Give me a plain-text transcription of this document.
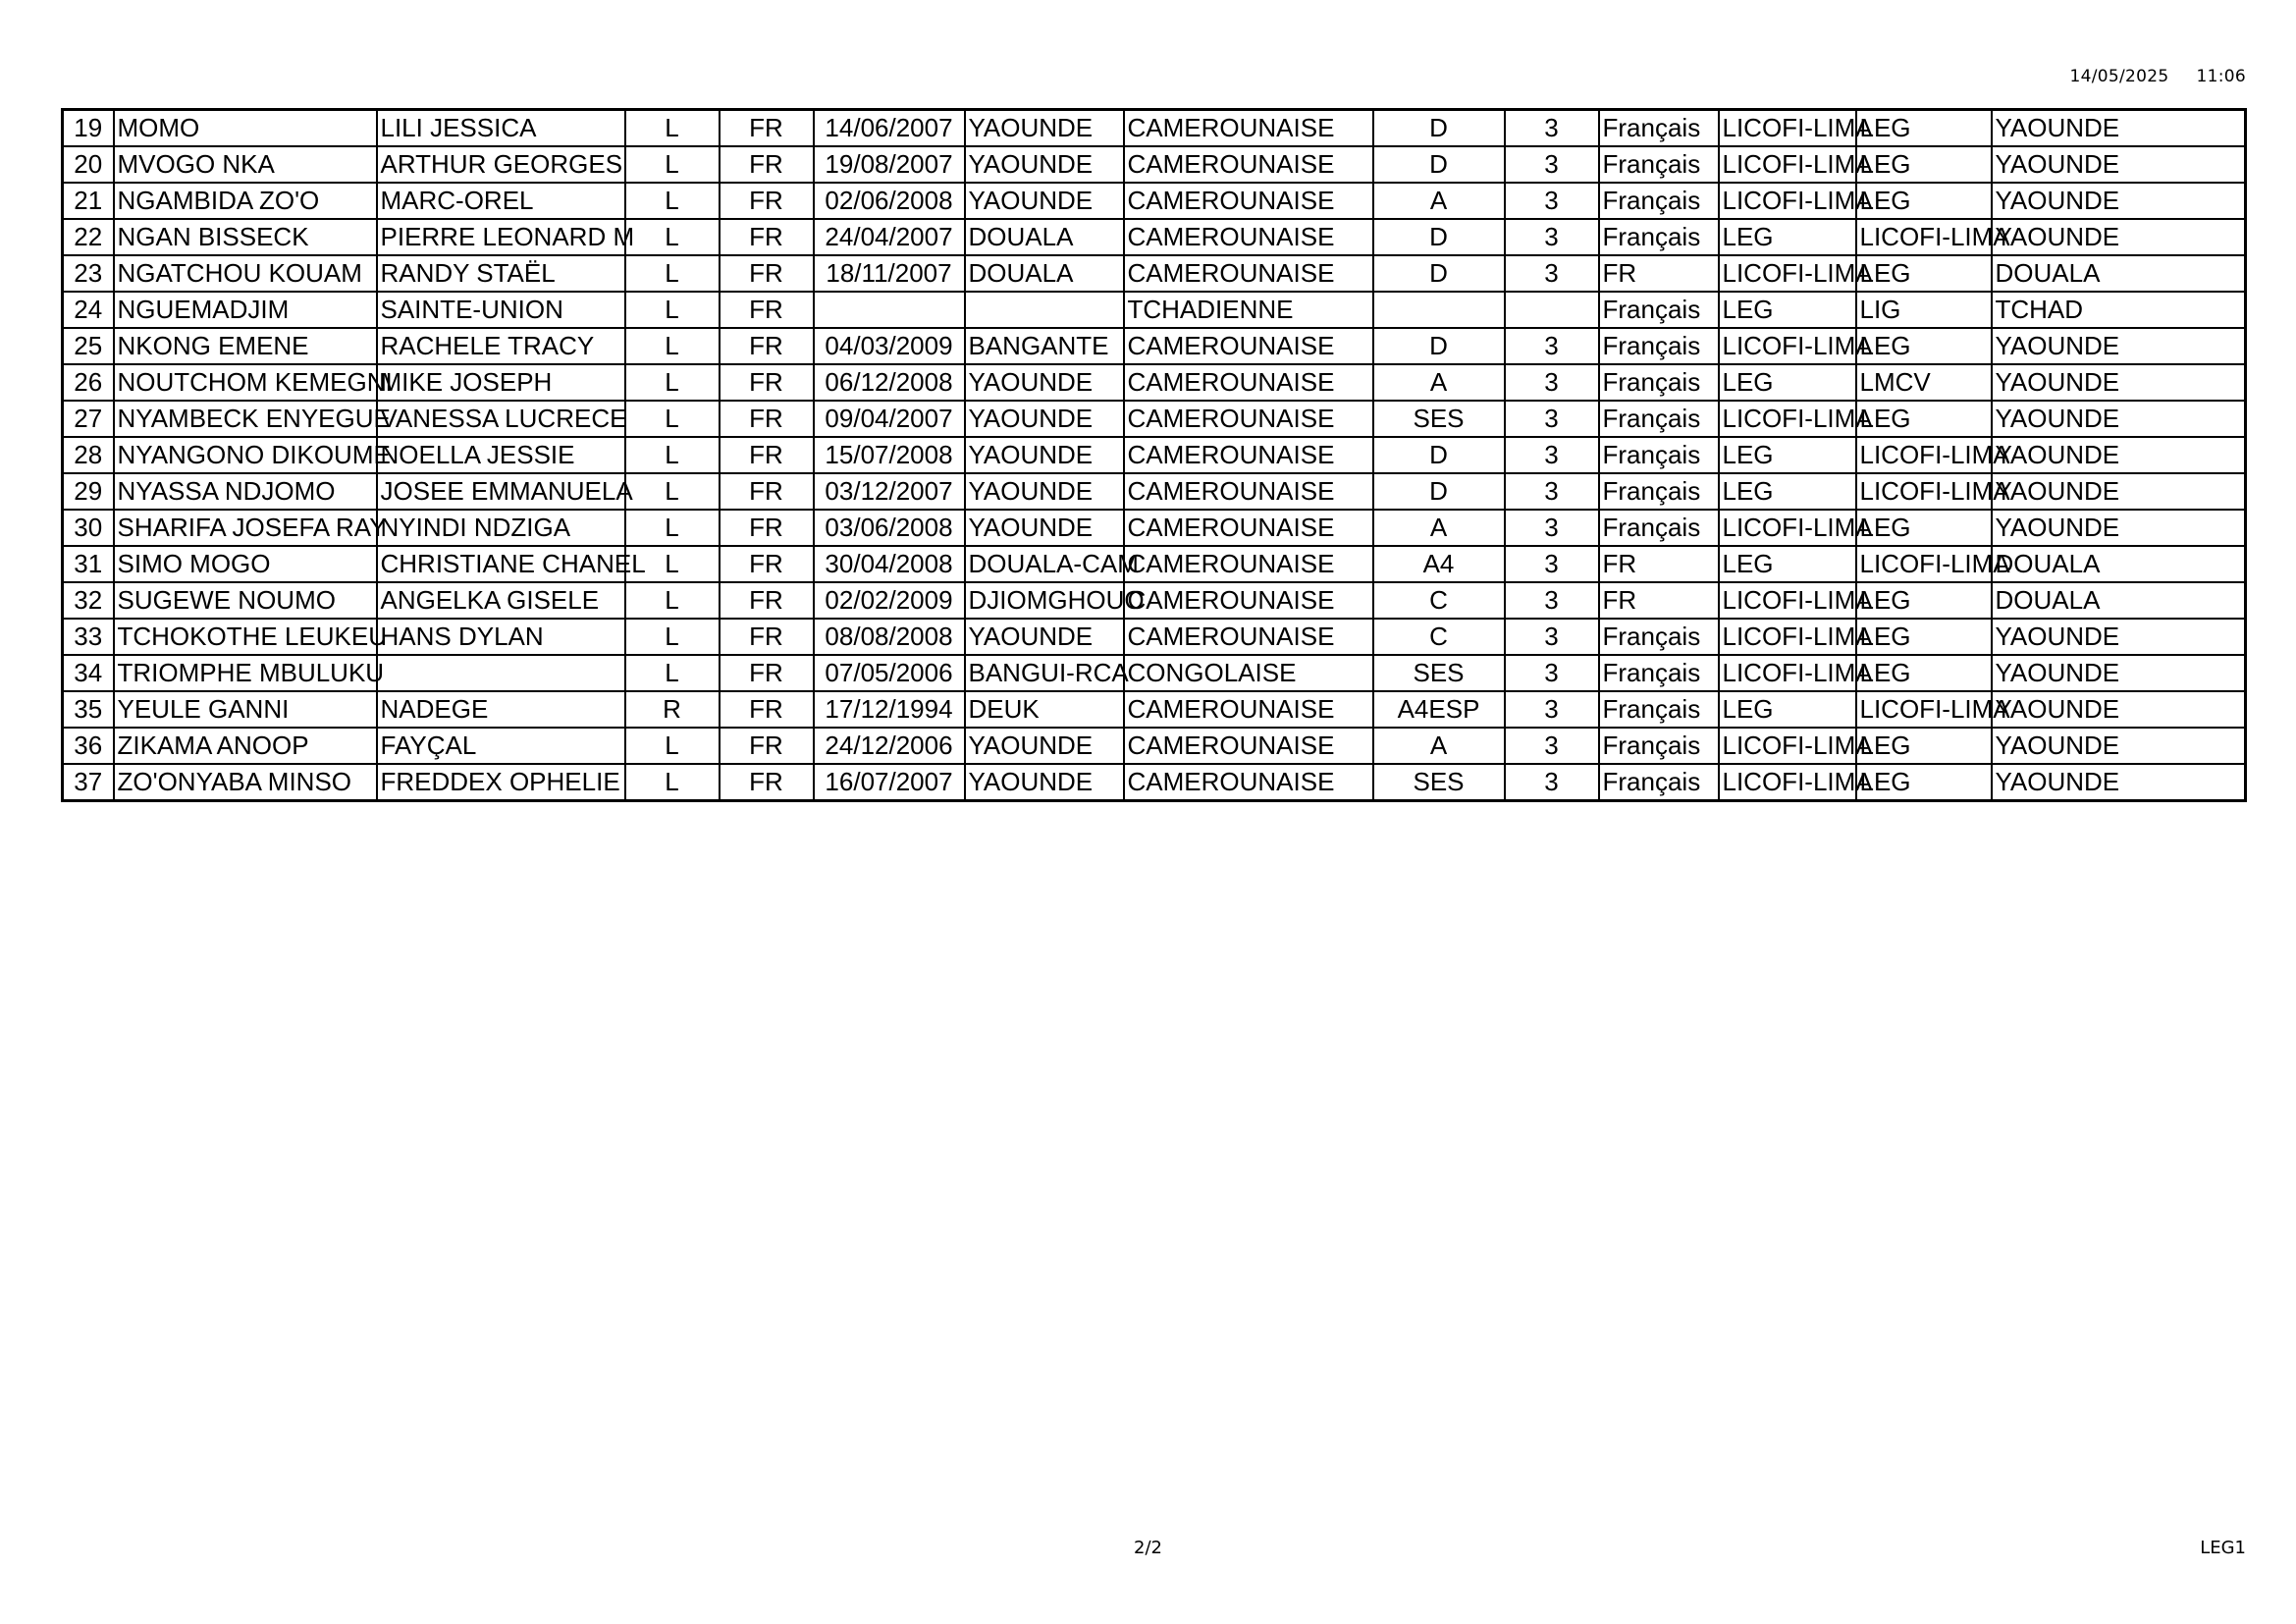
14/05/2025 11:06
19	MOMO	LILI JESSICA	L	FR	14/06/2007	YAOUNDE	CAMEROUNAISE	D	3	Français	LICOFI-LIMA	LEG	YAOUNDE
20	MVOGO NKA	ARTHUR GEORGES	L	FR	19/08/2007	YAOUNDE	CAMEROUNAISE	D	3	Français	LICOFI-LIMA	LEG	YAOUNDE
21	NGAMBIDA ZO'O	MARC-OREL	L	FR	02/06/2008	YAOUNDE	CAMEROUNAISE	A	3	Français	LICOFI-LIMA	LEG	YAOUNDE
22	NGAN BISSECK	PIERRE LEONARD M	L	FR	24/04/2007	DOUALA	CAMEROUNAISE	D	3	Français	LEG	LICOFI-LIMA	YAOUNDE
23	NGATCHOU KOUAM	RANDY STAËL	L	FR	18/11/2007	DOUALA	CAMEROUNAISE	D	3	FR	LICOFI-LIMA	LEG	DOUALA
24	NGUEMADJIM	SAINTE-UNION	L	FR			TCHADIENNE			Français	LEG	LIG	TCHAD
25	NKONG EMENE	RACHELE TRACY	L	FR	04/03/2009	BANGANTE	CAMEROUNAISE	D	3	Français	LICOFI-LIMA	LEG	YAOUNDE
26	NOUTCHOM KEMEGNI	MIKE JOSEPH	L	FR	06/12/2008	YAOUNDE	CAMEROUNAISE	A	3	Français	LEG	LMCV	YAOUNDE
27	NYAMBECK ENYEGUE	VANESSA LUCRECE	L	FR	09/04/2007	YAOUNDE	CAMEROUNAISE	SES	3	Français	LICOFI-LIMA	LEG	YAOUNDE
28	NYANGONO DIKOUME	NOELLA JESSIE	L	FR	15/07/2008	YAOUNDE	CAMEROUNAISE	D	3	Français	LEG	LICOFI-LIMA	YAOUNDE
29	NYASSA NDJOMO	JOSEE EMMANUELA	L	FR	03/12/2007	YAOUNDE	CAMEROUNAISE	D	3	Français	LEG	LICOFI-LIMA	YAOUNDE
30	SHARIFA JOSEFA RAY	NYINDI NDZIGA	L	FR	03/06/2008	YAOUNDE	CAMEROUNAISE	A	3	Français	LICOFI-LIMA	LEG	YAOUNDE
31	SIMO MOGO	CHRISTIANE CHANEL	L	FR	30/04/2008	DOUALA-CAM	CAMEROUNAISE	A4	3	FR	LEG	LICOFI-LIMA	DOUALA
32	SUGEWE NOUMO	ANGELKA GISELE	L	FR	02/02/2009	DJIOMGHOUO	CAMEROUNAISE	C	3	FR	LICOFI-LIMA	LEG	DOUALA
33	TCHOKOTHE LEUKEU	HANS DYLAN	L	FR	08/08/2008	YAOUNDE	CAMEROUNAISE	C	3	Français	LICOFI-LIMA	LEG	YAOUNDE
34	TRIOMPHE MBULUKU		L	FR	07/05/2006	BANGUI-RCA	CONGOLAISE	SES	3	Français	LICOFI-LIMA	LEG	YAOUNDE
35	YEULE GANNI	NADEGE	R	FR	17/12/1994	DEUK	CAMEROUNAISE	A4ESP	3	Français	LEG	LICOFI-LIMA	YAOUNDE
36	ZIKAMA ANOOP	FAYÇAL	L	FR	24/12/2006	YAOUNDE	CAMEROUNAISE	A	3	Français	LICOFI-LIMA	LEG	YAOUNDE
37	ZO'ONYABA MINSO	FREDDEX OPHELIE	L	FR	16/07/2007	YAOUNDE	CAMEROUNAISE	SES	3	Français	LICOFI-LIMA	LEG	YAOUNDE
2/2	LEG1
